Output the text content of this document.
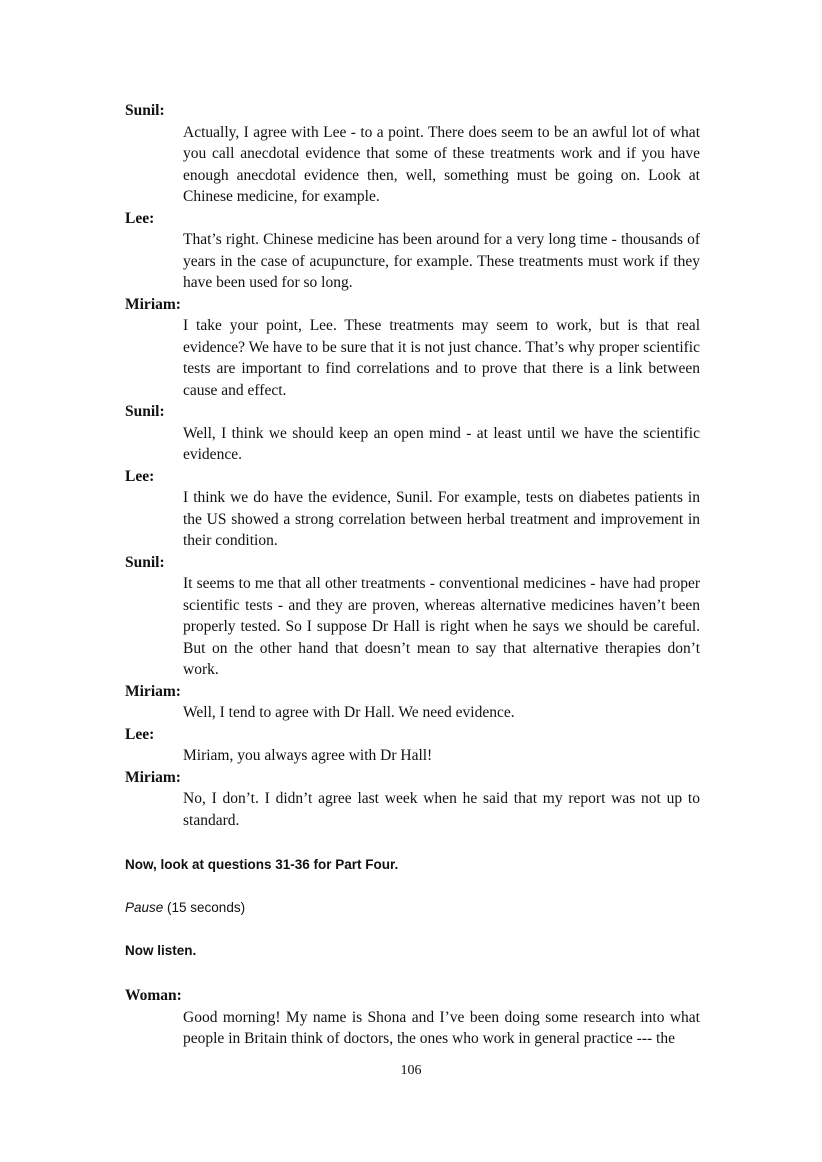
Sunil:

Actually, I agree with Lee - to a point. There does seem to be an awful lot of what you call anecdotal evidence that some of these treatments work and if you have enough anecdotal evidence then, well, something must be going on. Look at Chinese medicine, for example.

Lee:

That’s right. Chinese medicine has been around for a very long time - thousands of years in the case of acupuncture, for example. These treatments must work if they have been used for so long.

Miriam:

I take your point, Lee. These treatments may seem to work, but is that real evidence? We have to be sure that it is not just chance. That’s why proper scientific tests are important to find correlations and to prove that there is a link between cause and effect.

Sunil:

Well, I think we should keep an open mind - at least until we have the scientific evidence.

Lee:

I think we do have the evidence, Sunil. For example, tests on diabetes patients in the US showed a strong correlation between herbal treatment and improvement in their condition.

Sunil:

It seems to me that all other treatments - conventional medicines - have had proper scientific tests - and they are proven, whereas alternative medicines haven’t been properly tested. So I suppose Dr Hall is right when he says we should be careful. But on the other hand that doesn’t mean to say that alternative therapies don’t work.

Miriam:

Well, I tend to agree with Dr Hall. We need evidence.

Lee:

Miriam, you always agree with Dr Hall!

Miriam:

No, I don’t. I didn’t agree last week when he said that my report was not up to standard.

Now, look at questions 31-36 for Part Four.

Pause (15 seconds)

Now listen.

Woman:

Good morning! My name is Shona and I’ve been doing some research into what people in Britain think of doctors, the ones who work in general practice --- the

106
